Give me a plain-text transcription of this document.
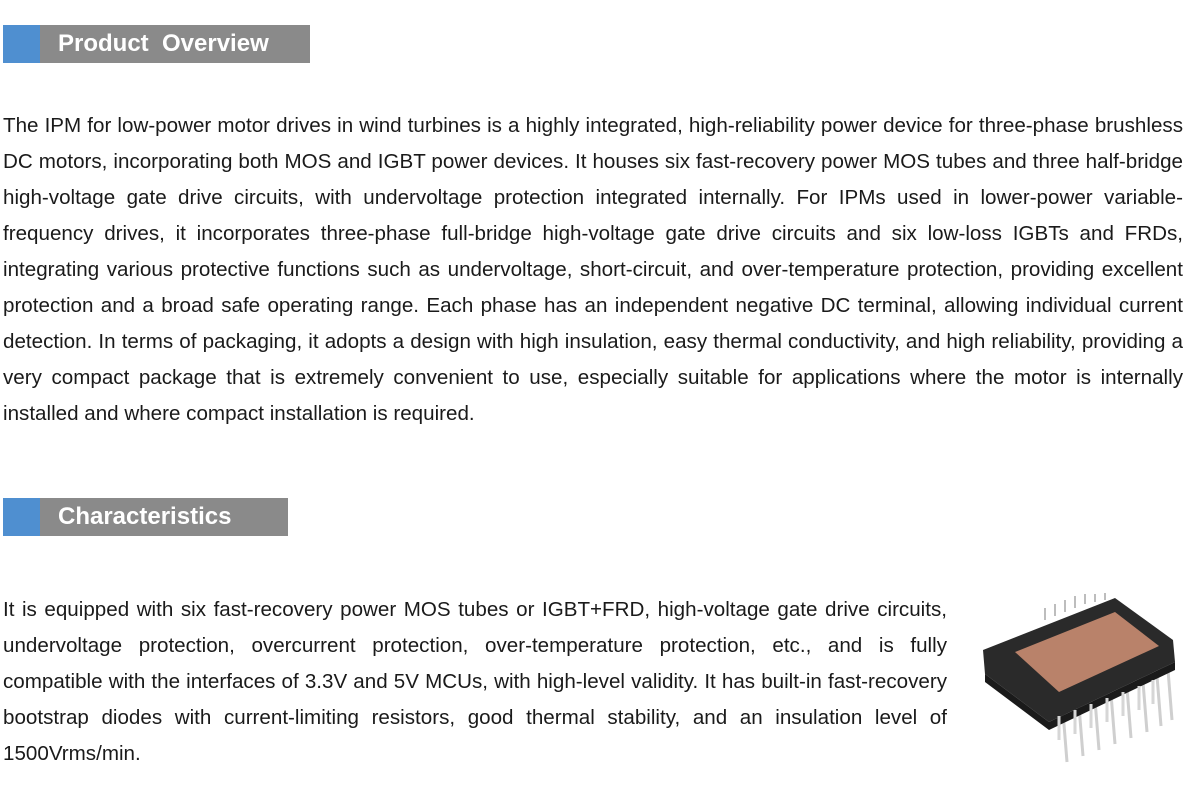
Product  Overview

The IPM for low-power motor drives in wind turbines is a highly integrated, high-reliability power device for three-phase brushless DC motors, incorporating both MOS and IGBT power devices. It houses six fast-recovery power MOS tubes and three half-bridge high-voltage gate drive circuits, with undervoltage protection integrated internally. For IPMs used in lower-power variable-frequency drives, it incorporates three-phase full-bridge high-voltage gate drive circuits and six low-loss IGBTs and FRDs, integrating various protective functions such as undervoltage, short-circuit, and over-temperature protection, providing excellent protection and a broad safe operating range. Each phase has an independent negative DC terminal, allowing individual current detection. In terms of packaging, it adopts a design with high insulation, easy thermal conductivity, and high reliability, providing a very compact package that is extremely convenient to use, especially suitable for applications where the motor is internally installed and where compact installation is required.

Characteristics

It is equipped with six fast-recovery power MOS tubes or IGBT+FRD, high-voltage gate drive circuits, undervoltage protection, overcurrent protection, over-temperature protection, etc., and is fully compatible with the interfaces of 3.3V and 5V MCUs, with high-level validity. It has built-in fast-recovery bootstrap diodes with current-limiting resistors, good thermal stability, and an insulation level of 1500Vrms/min.
